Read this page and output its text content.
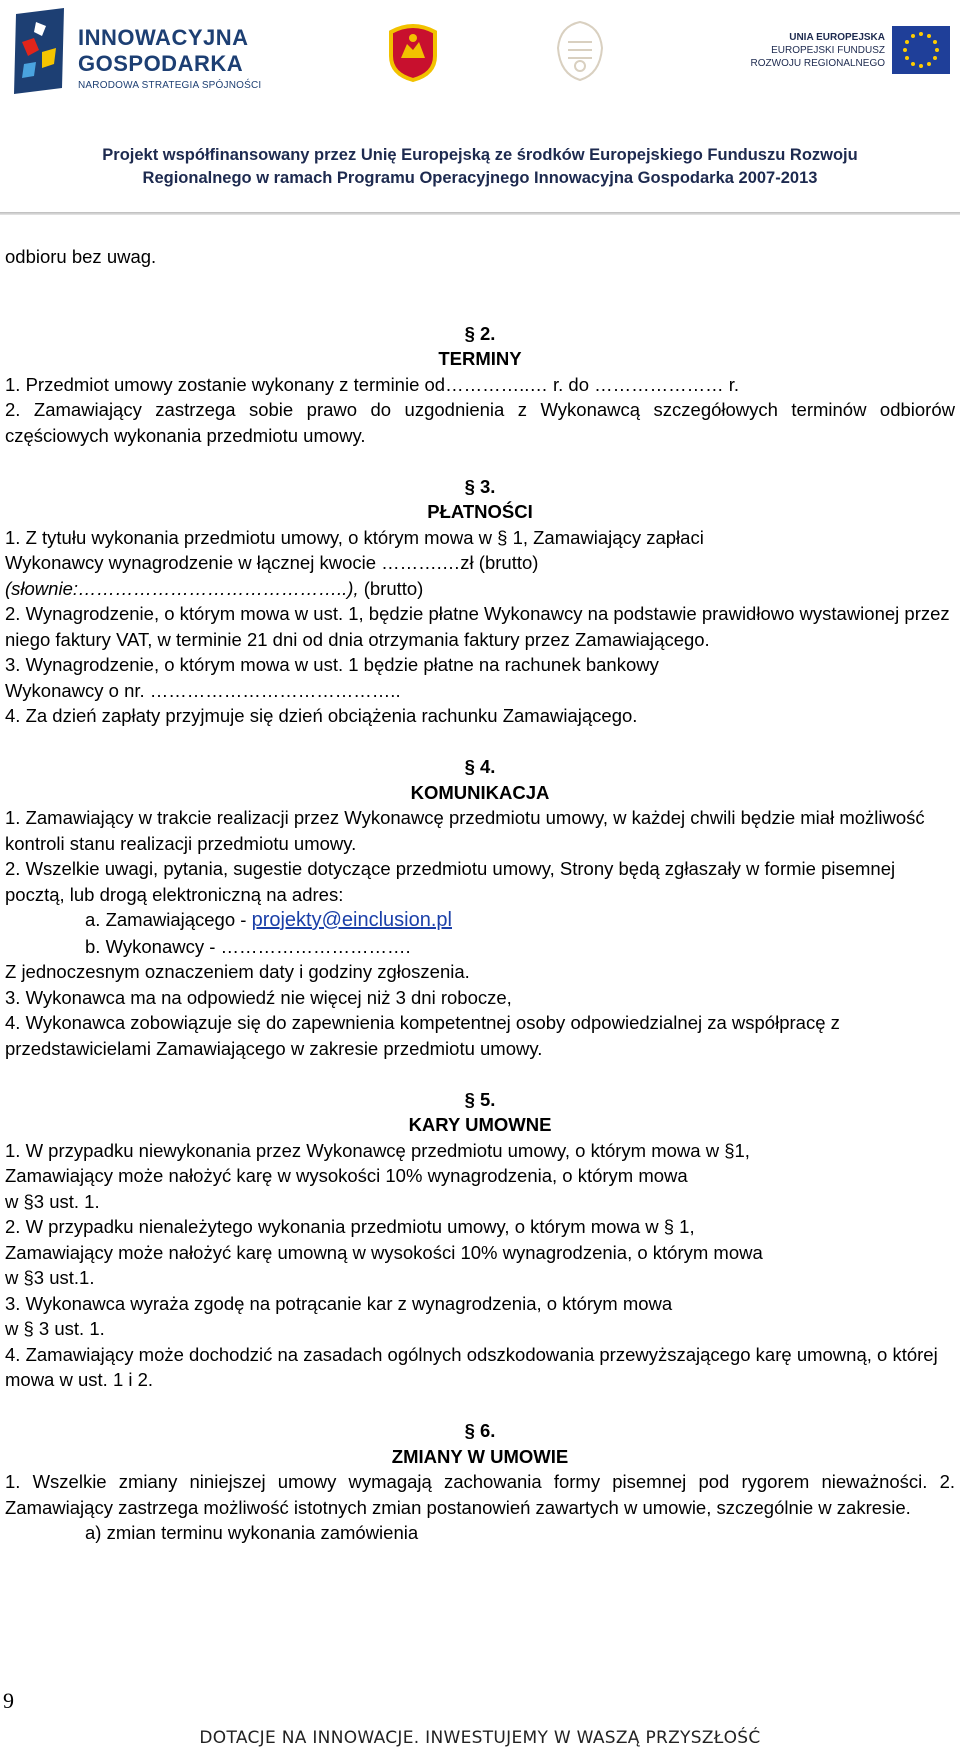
INNOWACYJNA
GOSPODARKA
NARODOWA STRATEGIA SPÓJNOŚCI
UNIA EUROPEJSKA
EUROPEJSKI FUNDUSZ
ROZWOJU REGIONALNEGO
Projekt współfinansowany przez Unię Europejską ze środków Europejskiego Funduszu Rozwoju
Regionalnego w ramach Programu Operacyjnego Innowacyjna Gospodarka 2007-2013

odbioru bez uwag.

§ 2.

TERMINY

1. Przedmiot umowy zostanie wykonany z terminie od…………..… r. do ………………… r.

2. Zamawiający zastrzega sobie prawo do uzgodnienia z Wykonawcą szczegółowych terminów odbiorów częściowych wykonania przedmiotu umowy.

§ 3.

PŁATNOŚCI

1. Z tytułu wykonania przedmiotu umowy, o którym mowa w § 1, Zamawiający zapłaci

Wykonawcy wynagrodzenie w łącznej kwocie ……….…zł (brutto)

(słownie:……………………………………..), (brutto)

2. Wynagrodzenie, o którym mowa w ust. 1, będzie płatne Wykonawcy na podstawie prawidłowo wystawionej przez niego faktury VAT, w terminie 21 dni od dnia otrzymania faktury przez Zamawiającego.

3. Wynagrodzenie, o którym mowa w ust. 1 będzie płatne na rachunek bankowy

Wykonawcy o nr. …………………………………..

4. Za dzień zapłaty przyjmuje się dzień obciążenia rachunku Zamawiającego.

§ 4.

KOMUNIKACJA

1. Zamawiający w trakcie realizacji przez Wykonawcę przedmiotu umowy, w każdej chwili będzie miał możliwość kontroli stanu realizacji przedmiotu umowy.

2. Wszelkie uwagi, pytania, sugestie dotyczące przedmiotu umowy, Strony będą zgłaszały w formie pisemnej pocztą, lub drogą elektroniczną na adres:

a. Zamawiającego - projekty@einclusion.pl

b. Wykonawcy - ………………………….

Z jednoczesnym oznaczeniem daty i godziny zgłoszenia.

3. Wykonawca ma na odpowiedź nie więcej niż 3 dni robocze,

4. Wykonawca zobowiązuje się do zapewnienia kompetentnej osoby odpowiedzialnej za współpracę z przedstawicielami Zamawiającego w zakresie przedmiotu umowy.

§ 5.

KARY UMOWNE

1. W przypadku niewykonania przez Wykonawcę przedmiotu umowy, o którym mowa w §1,

Zamawiający może nałożyć karę w wysokości 10% wynagrodzenia, o którym mowa

w §3 ust. 1.

2. W przypadku nienależytego wykonania przedmiotu umowy, o którym mowa w § 1,

Zamawiający może nałożyć karę umowną w wysokości 10% wynagrodzenia, o którym mowa

w §3 ust.1.

3. Wykonawca wyraża zgodę na potrącanie kar z wynagrodzenia, o którym mowa

w § 3 ust. 1.

4. Zamawiający może dochodzić na zasadach ogólnych odszkodowania przewyższającego karę umowną, o której mowa w ust. 1 i 2.

§ 6.

ZMIANY W UMOWIE

1. Wszelkie zmiany niniejszej umowy wymagają zachowania formy pisemnej pod rygorem nieważności. 2. Zamawiający zastrzega możliwość istotnych zmian postanowień zawartych w umowie, szczególnie w zakresie.

a) zmian terminu wykonania zamówienia

9
DOTACJE NA INNOWACJE. INWESTUJEMY W WASZĄ PRZYSZŁOŚĆ
